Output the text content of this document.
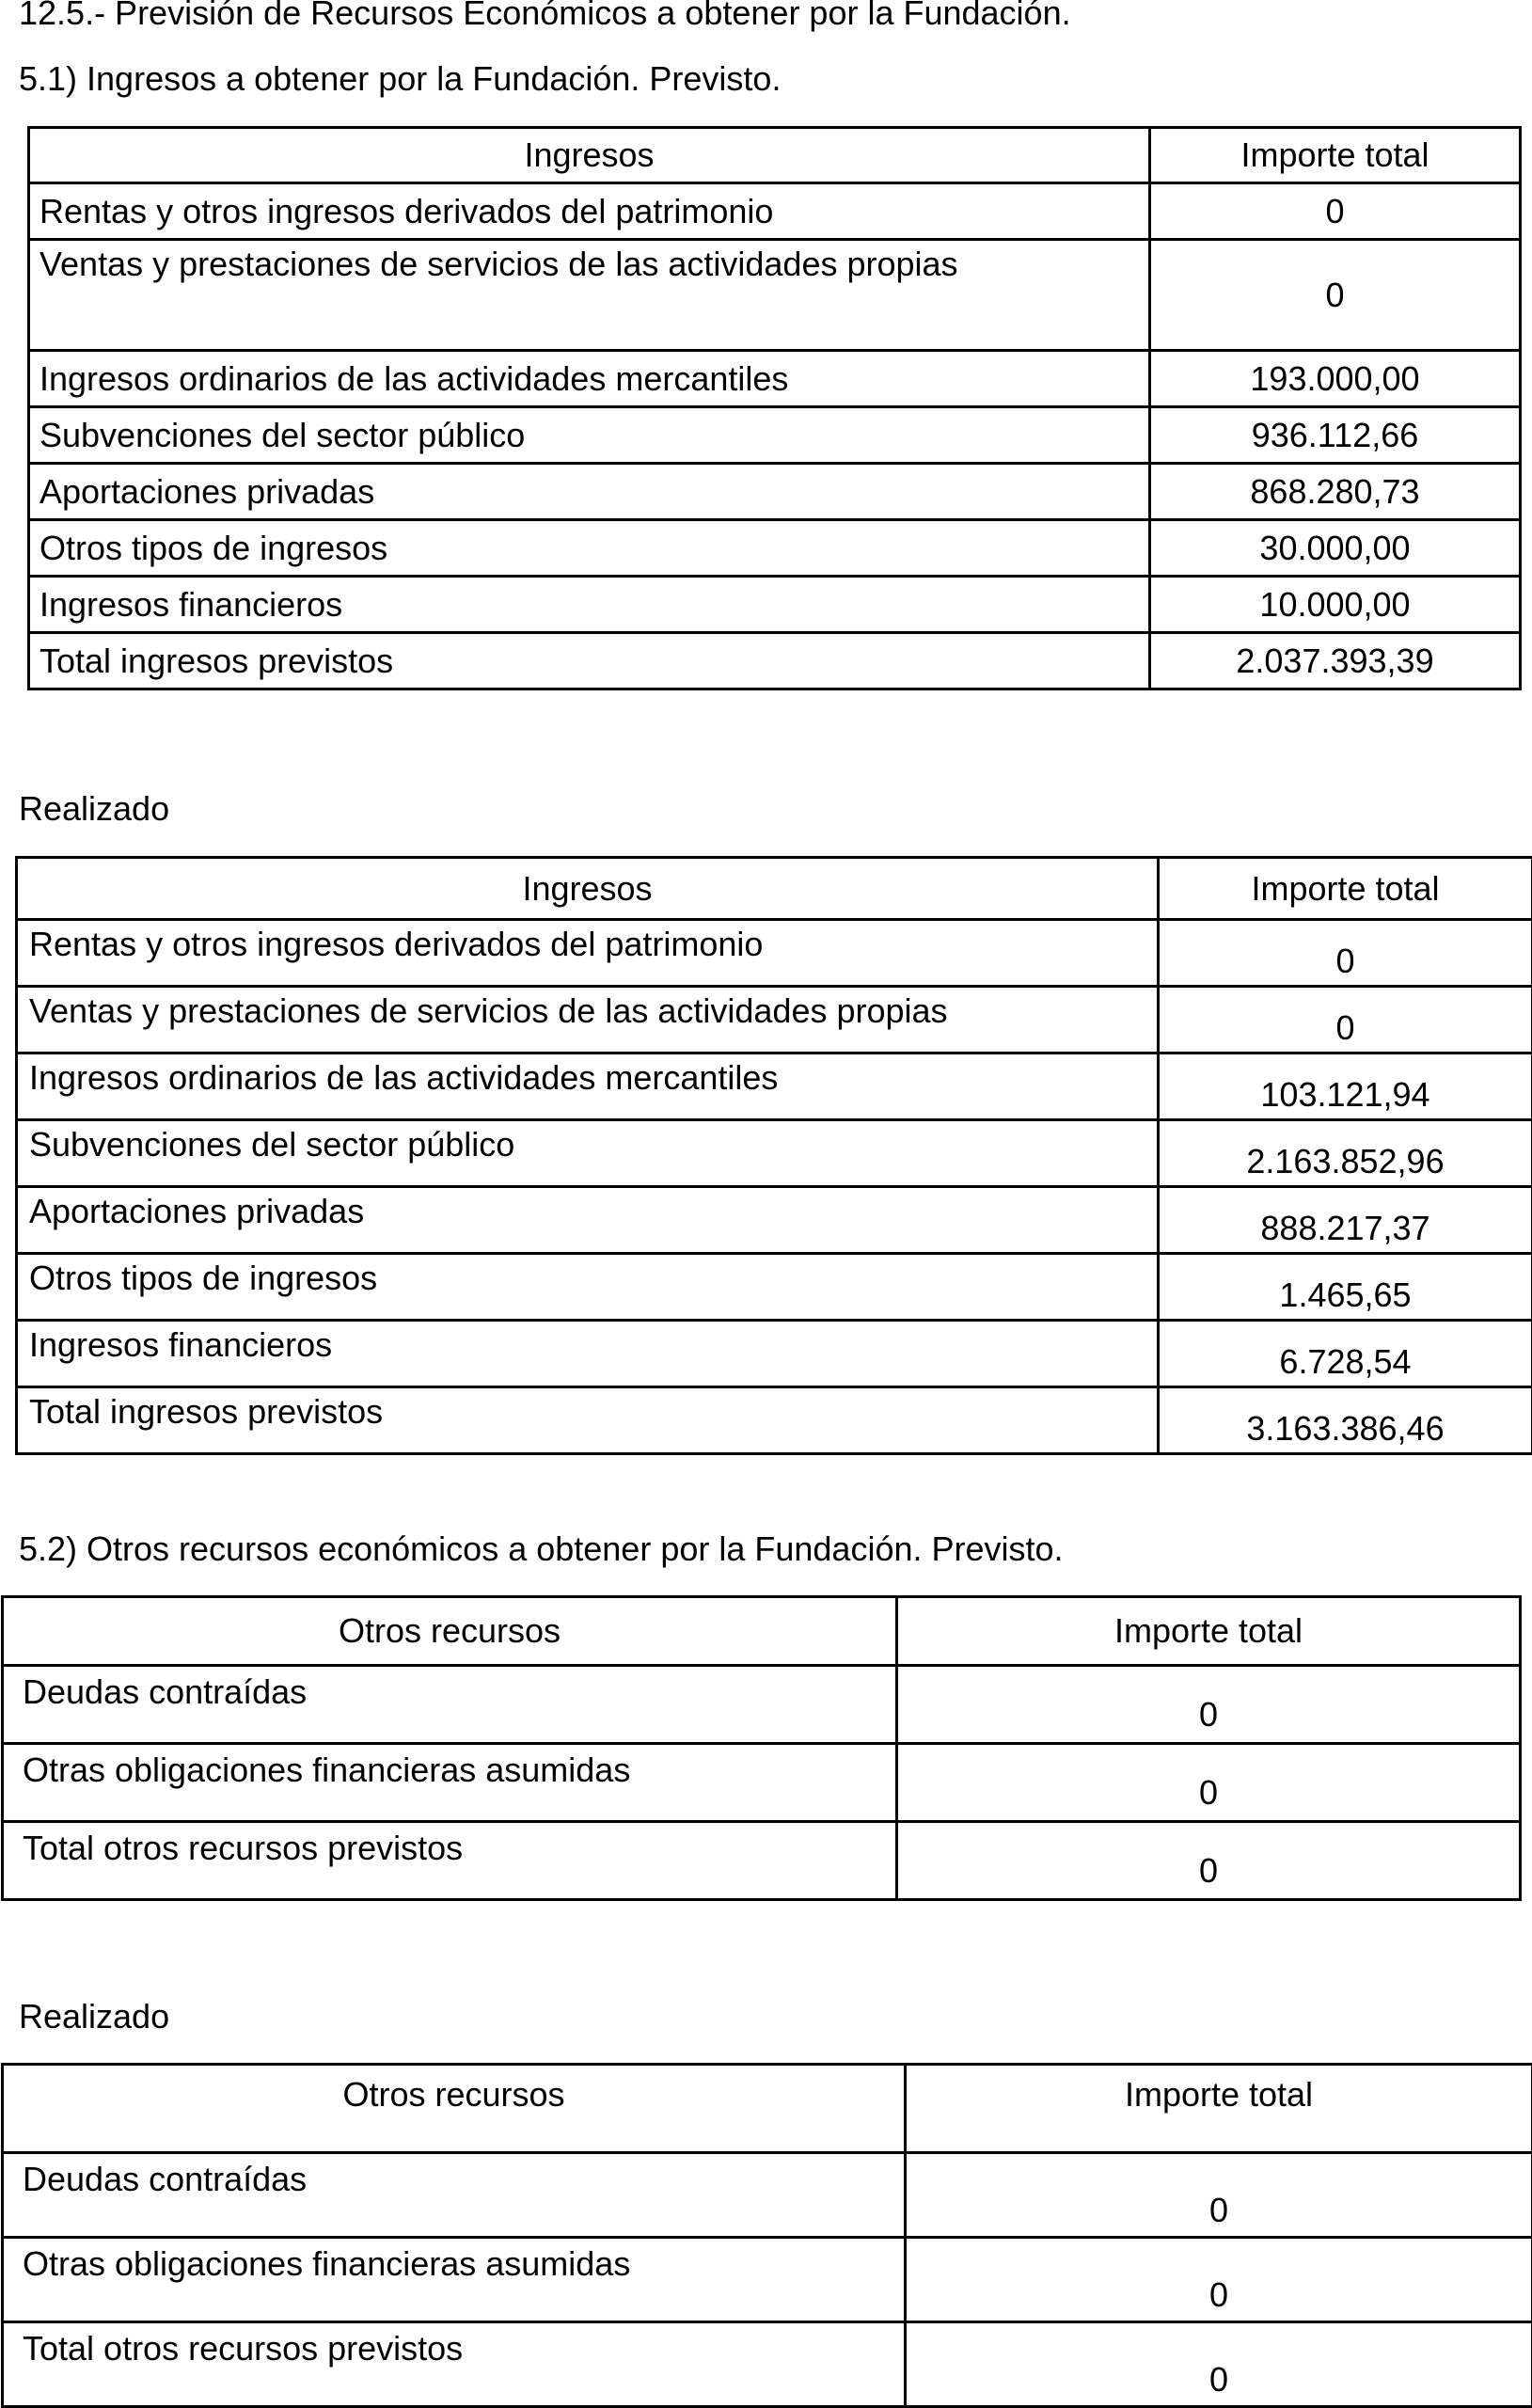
12.5.- Previsión de Recursos Económicos a obtener por la Fundación.
5.1) Ingresos a obtener por la Fundación. Previsto.
Ingresos	Importe total
Rentas y otros ingresos derivados del patrimonio	0
Ventas y prestaciones de servicios de las actividades propias	0
Ingresos ordinarios de las actividades mercantiles	193.000,00
Subvenciones del sector público	936.112,66
Aportaciones privadas	868.280,73
Otros tipos de ingresos	30.000,00
Ingresos financieros	10.000,00
Total ingresos previstos	2.037.393,39
Realizado
Ingresos	Importe total
Rentas y otros ingresos derivados del patrimonio	0
Ventas y prestaciones de servicios de las actividades propias	0
Ingresos ordinarios de las actividades mercantiles	103.121,94
Subvenciones del sector público	2.163.852,96
Aportaciones privadas	888.217,37
Otros tipos de ingresos	1.465,65
Ingresos financieros	6.728,54
Total ingresos previstos	3.163.386,46
5.2) Otros recursos económicos a obtener por la Fundación. Previsto.
Otros recursos	Importe total
Deudas contraídas	0
Otras obligaciones financieras asumidas	0
Total otros recursos previstos	0
Realizado
Otros recursos	Importe total
Deudas contraídas	0
Otras obligaciones financieras asumidas	0
Total otros recursos previstos	0
